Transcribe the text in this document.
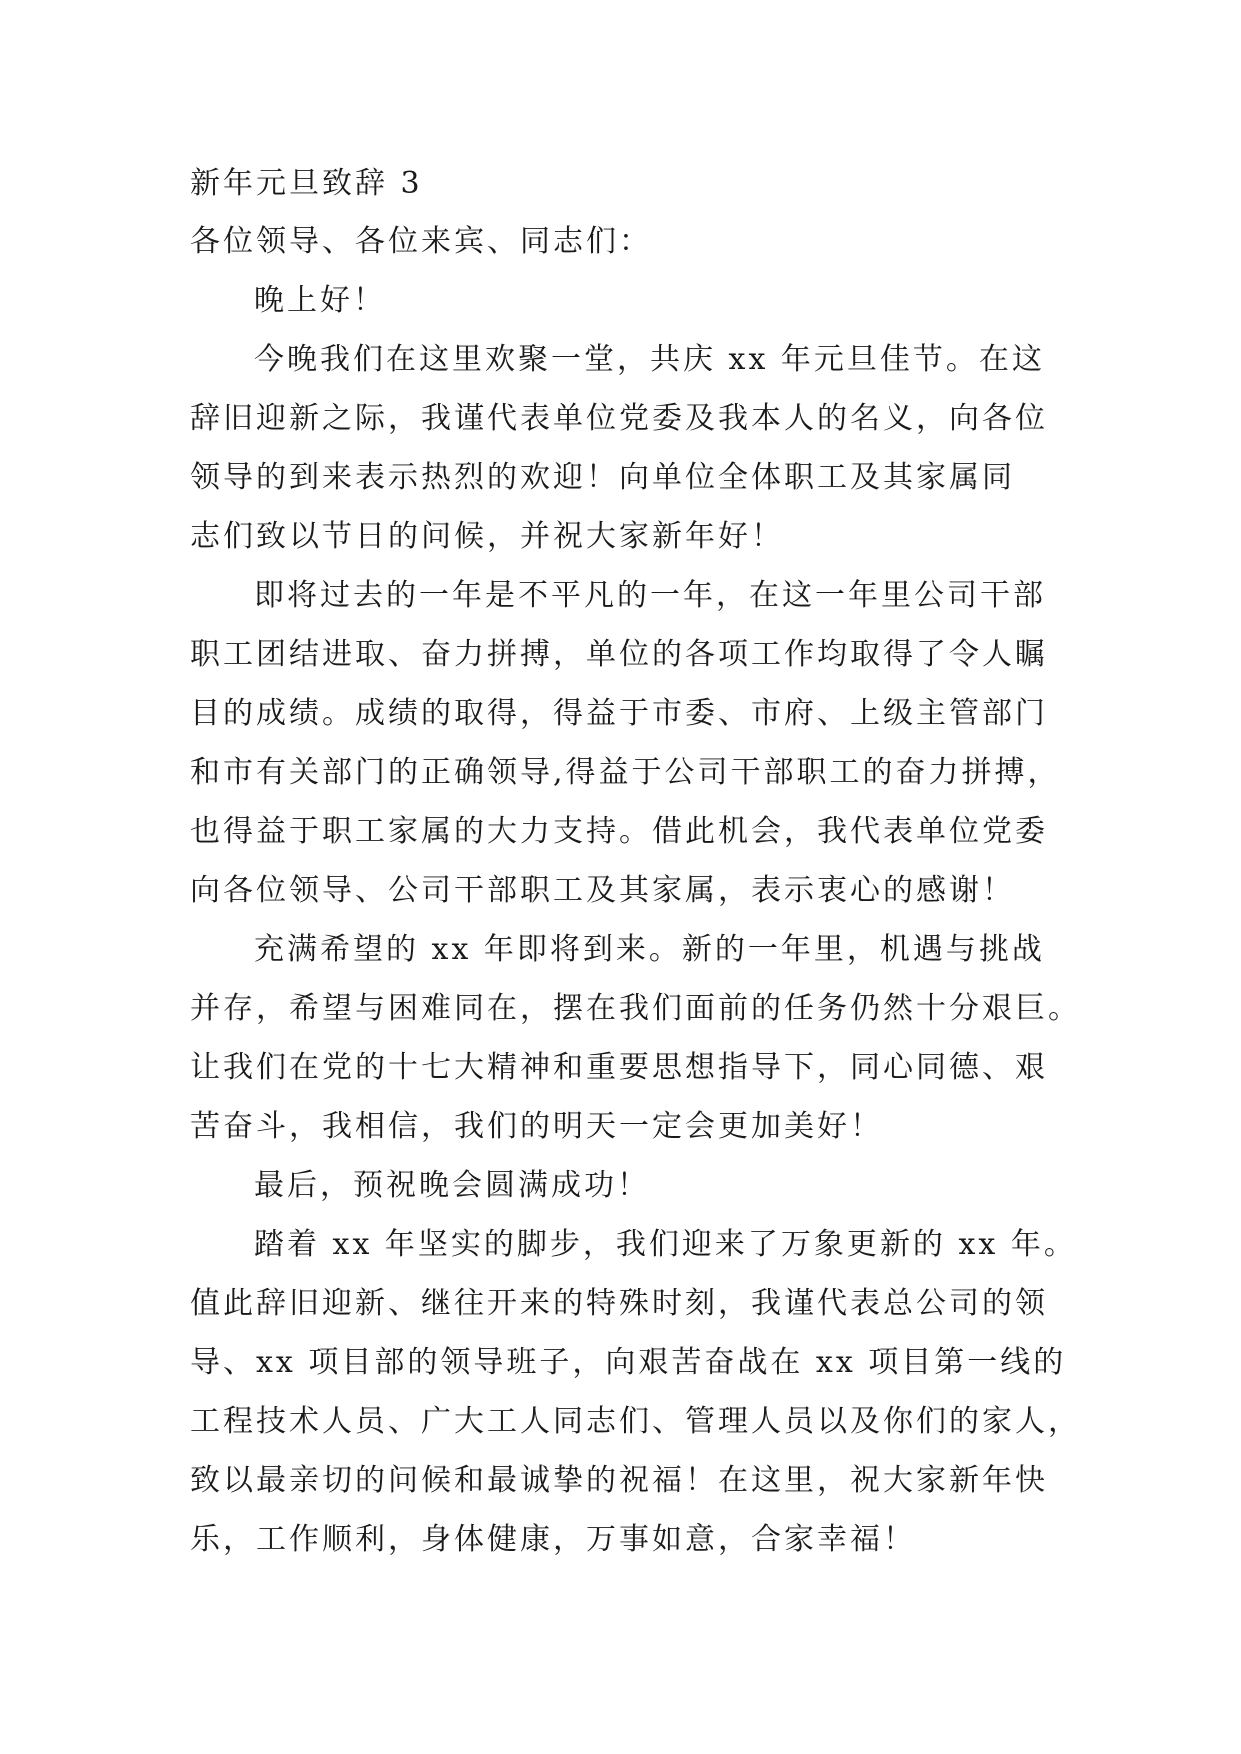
新年元旦致辞 3
各位领导、各位来宾、同志们：
晚上好！
今晚我们在这里欢聚一堂，共庆 xx 年元旦佳节。在这
辞旧迎新之际，我谨代表单位党委及我本人的名义，向各位
领导的到来表示热烈的欢迎！向单位全体职工及其家属同
志们致以节日的问候，并祝大家新年好！
即将过去的一年是不平凡的一年，在这一年里公司干部
职工团结进取、奋力拼搏，单位的各项工作均取得了令人瞩
目的成绩。成绩的取得，得益于市委、市府、上级主管部门
和市有关部门的正确领导,得益于公司干部职工的奋力拼搏，
也得益于职工家属的大力支持。借此机会，我代表单位党委
向各位领导、公司干部职工及其家属，表示衷心的感谢！
充满希望的 xx 年即将到来。新的一年里，机遇与挑战
并存，希望与困难同在，摆在我们面前的任务仍然十分艰巨。
让我们在党的十七大精神和重要思想指导下，同心同德、艰
苦奋斗，我相信，我们的明天一定会更加美好！
最后，预祝晚会圆满成功！
踏着 xx 年坚实的脚步，我们迎来了万象更新的 xx 年。
值此辞旧迎新、继往开来的特殊时刻，我谨代表总公司的领
导、xx 项目部的领导班子，向艰苦奋战在 xx 项目第一线的
工程技术人员、广大工人同志们、管理人员以及你们的家人，
致以最亲切的问候和最诚挚的祝福！在这里，祝大家新年快
乐，工作顺利，身体健康，万事如意，合家幸福！
